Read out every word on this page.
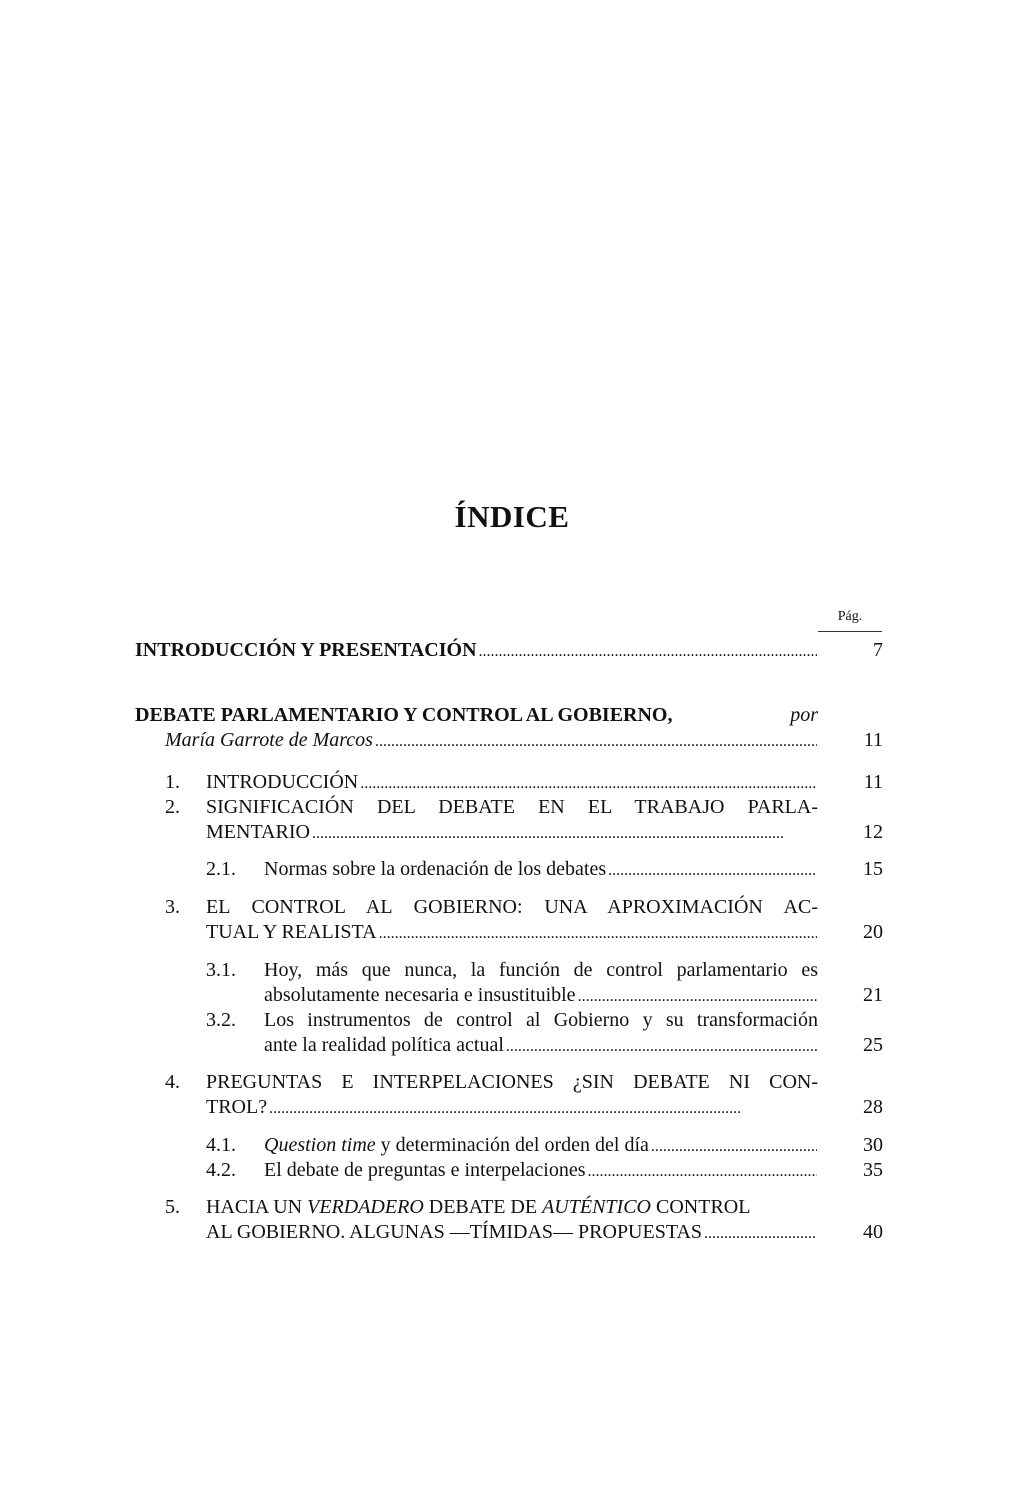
ÍNDICE
Pág.
INTRODUCCIÓN Y PRESENTACIÓN . . .	7
DEBATE PARLAMENTARIO Y CONTROL AL GOBIERNO,	por
María Garrote de Marcos . . .	11
1.	INTRODUCCIÓN . . .	11
2.	SIGNIFICACIÓN DEL DEBATE EN EL TRABAJO PARLA-
MENTARIO . . .	12
2.1.	Normas sobre la ordenación de los debates . . .	15
3.	EL CONTROL AL GOBIERNO: UNA APROXIMACIÓN AC-
TUAL Y REALISTA . . .	20
3.1.	Hoy, más que nunca, la función de control parlamentario es
absolutamente necesaria e insustituible . . .	21
3.2.	Los instrumentos de control al Gobierno y su transformación
ante la realidad política actual . . .	25
4.	PREGUNTAS E INTERPELACIONES ¿SIN DEBATE NI CON-
TROL? . . .	28
4.1.	Question time y determinación del orden del día . . .	30
4.2.	El debate de preguntas e interpelaciones . . .	35
5.	HACIA UN VERDADERO DEBATE DE AUTÉNTICO CONTROL
AL GOBIERNO. ALGUNAS —TÍMIDAS— PROPUESTAS . . .	40
